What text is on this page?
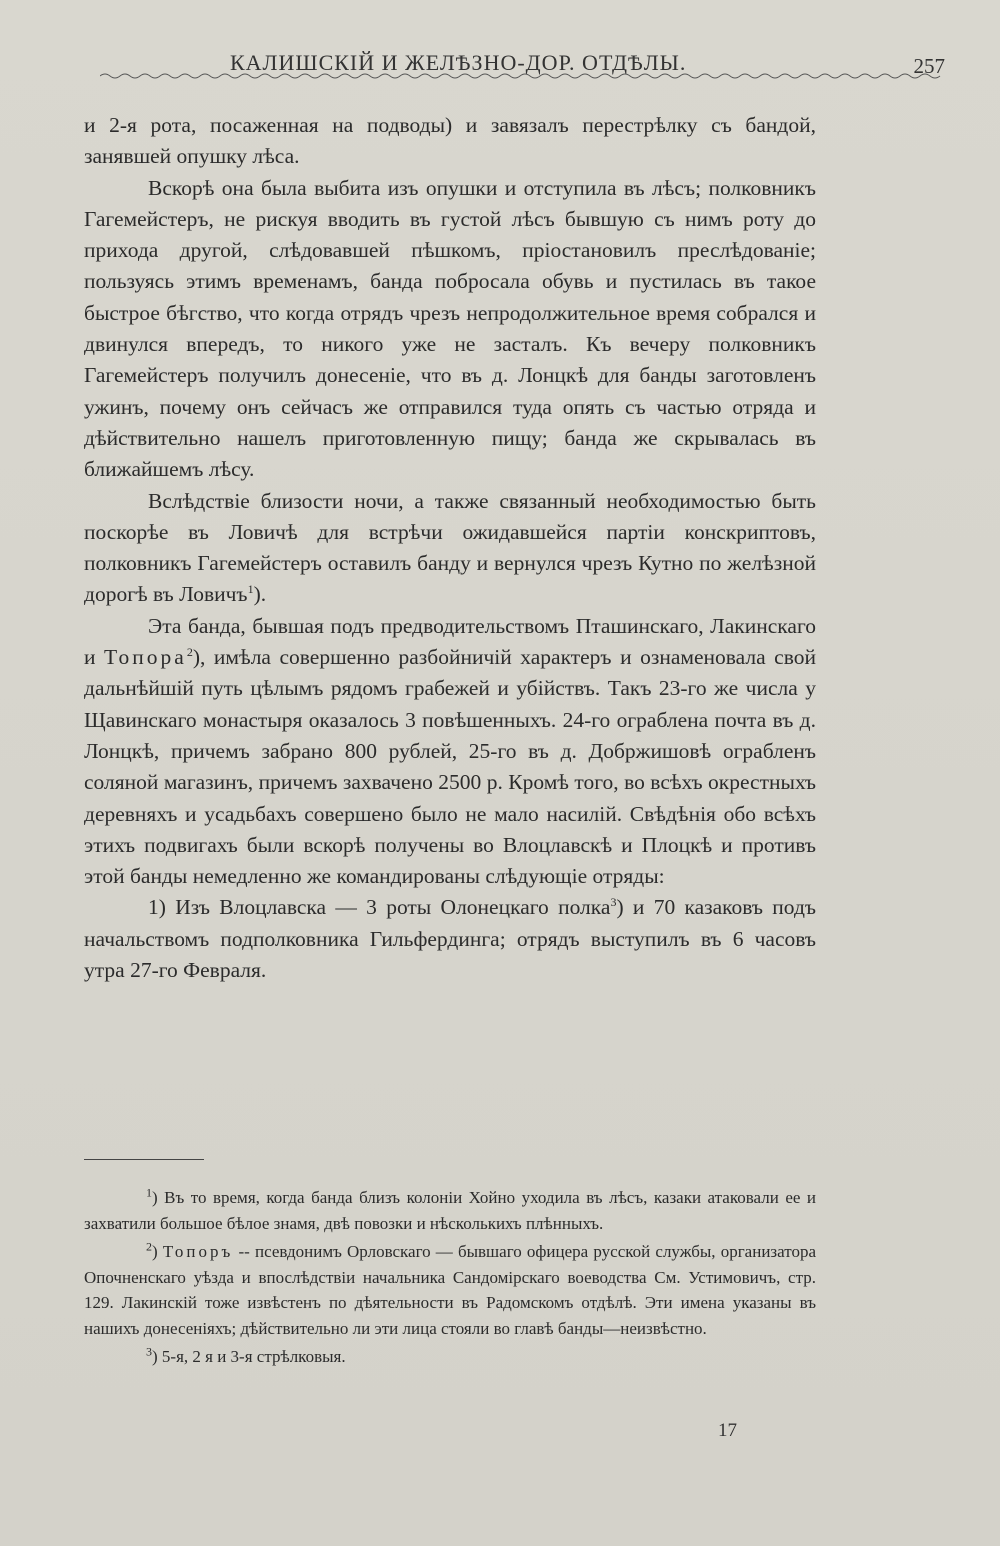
КАЛИШСКІЙ И ЖЕЛѢЗНО-ДОР. ОТДѢЛЫ.	257

и 2-я рота, посаженная на подводы) и завязалъ перестрѣлку съ бандой, занявшей опушку лѣса.

Вскорѣ она была выбита изъ опушки и отступила въ лѣсъ; полковникъ Гагемейстеръ, не рискуя вводить въ густой лѣсъ бывшую съ нимъ роту до прихода другой, слѣдовавшей пѣшкомъ, пріостановилъ преслѣдованіе; пользуясь этимъ временамъ, банда побросала обувь и пустилась въ такое быстрое бѣгство, что когда отрядъ чрезъ непродолжительное время собрался и двинулся впередъ, то никого уже не засталъ. Къ вечеру полковникъ Гагемейстеръ получилъ донесеніе, что въ д. Лонцкѣ для банды заготовленъ ужинъ, почему онъ сейчасъ же отправился туда опять съ частью отряда и дѣйствительно нашелъ приготовленную пищу; банда же скрывалась въ ближайшемъ лѣсу.

Вслѣдствіе близости ночи, а также связанный необходимостью быть поскорѣе въ Ловичѣ для встрѣчи ожидавшейся партіи конскриптовъ, полковникъ Гагемейстеръ оставилъ банду и вернулся чрезъ Кутно по желѣзной дорогѣ въ Ловичъ$^1$).

Эта банда, бывшая подъ предводительствомъ Пташинскаго, Лакинскаго и Топора$^2$), имѣла совершенно разбойничій характеръ и ознаменовала свой дальнѣйшій путь цѣлымъ рядомъ грабежей и убійствъ. Такъ 23-го же числа у Щавинскаго монастыря оказалось 3 повѣшенныхъ. 24-го ограблена почта въ д. Лонцкѣ, причемъ забрано 800 рублей, 25-го въ д. Добржишовѣ ограбленъ соляной магазинъ, причемъ захвачено 2500 р. Кромѣ того, во всѣхъ окрестныхъ деревняхъ и усадьбахъ совершено было не мало насилій. Свѣдѣнія обо всѣхъ этихъ подвигахъ были вскорѣ получены во Влоцлавскѣ и Плоцкѣ и противъ этой банды немедленно же командированы слѣдующіе отряды:

1) Изъ Влоцлавска — 3 роты Олонецкаго полка$^3$) и 70 казаковъ подъ начальствомъ подполковника Гильфердинга; отрядъ выступилъ въ 6 часовъ утра 27-го Февраля.

$^1$) Въ то время, когда банда близъ колоніи Хойно уходила въ лѣсъ, казаки атаковали ее и захватили большое бѣлое знамя, двѣ повозки и нѣсколькихъ плѣнныхъ.

$^2$) Топоръ -- псевдонимъ Орловскаго — бывшаго офицера русской службы, организатора Опочненскаго уѣзда и впослѣдствіи начальника Сандомірскаго воеводства См. Устимовичъ, стр. 129. Лакинскій тоже извѣстенъ по дѣятельности въ Радомскомъ отдѣлѣ. Эти имена указаны въ нашихъ донесеніяхъ; дѣйствительно ли эти лица стояли во главѣ банды—неизвѣстно.

$^3$) 5-я, 2 я и 3-я стрѣлковыя.

17
